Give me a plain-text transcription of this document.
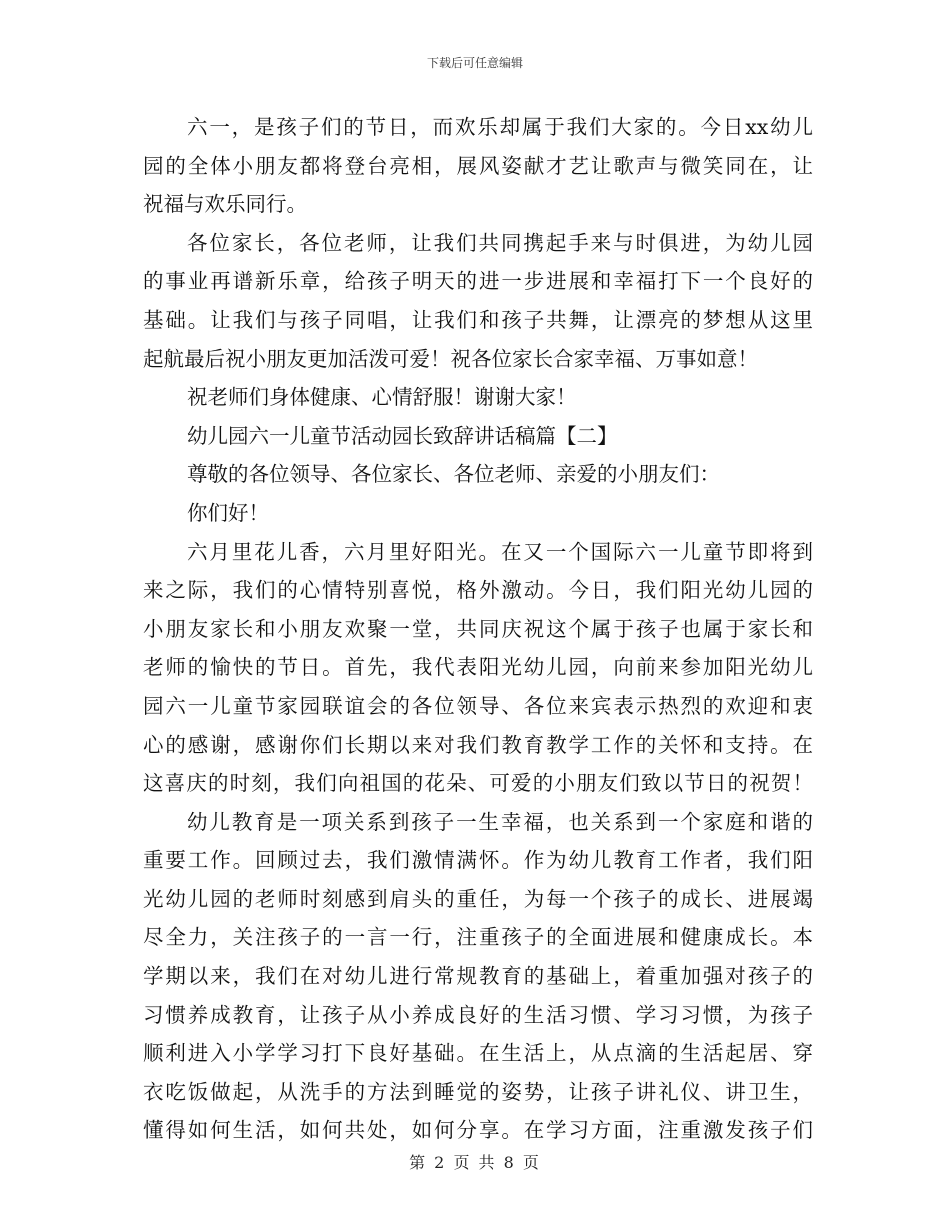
下载后可任意编辑
六一，是孩子们的节日，而欢乐却属于我们大家的。今日xx幼儿
园的全体小朋友都将登台亮相，展风姿献才艺让歌声与微笑同在，让
祝福与欢乐同行。
各位家长，各位老师，让我们共同携起手来与时俱进，为幼儿园
的事业再谱新乐章，给孩子明天的进一步进展和幸福打下一个良好的
基础。让我们与孩子同唱，让我们和孩子共舞，让漂亮的梦想从这里
起航最后祝小朋友更加活泼可爱！祝各位家长合家幸福、万事如意！
祝老师们身体健康、心情舒服！谢谢大家！
幼儿园六一儿童节活动园长致辞讲话稿篇【二】
尊敬的各位领导、各位家长、各位老师、亲爱的小朋友们：
你们好！
六月里花儿香，六月里好阳光。在又一个国际六一儿童节即将到
来之际，我们的心情特别喜悦，格外激动。今日，我们阳光幼儿园的
小朋友家长和小朋友欢聚一堂，共同庆祝这个属于孩子也属于家长和
老师的愉快的节日。首先，我代表阳光幼儿园，向前来参加阳光幼儿
园六一儿童节家园联谊会的各位领导、各位来宾表示热烈的欢迎和衷
心的感谢，感谢你们长期以来对我们教育教学工作的关怀和支持。在
这喜庆的时刻，我们向祖国的花朵、可爱的小朋友们致以节日的祝贺！
幼儿教育是一项关系到孩子一生幸福，也关系到一个家庭和谐的
重要工作。回顾过去，我们激情满怀。作为幼儿教育工作者，我们阳
光幼儿园的老师时刻感到肩头的重任，为每一个孩子的成长、进展竭
尽全力，关注孩子的一言一行，注重孩子的全面进展和健康成长。本
学期以来，我们在对幼儿进行常规教育的基础上，着重加强对孩子的
习惯养成教育，让孩子从小养成良好的生活习惯、学习习惯，为孩子
顺利进入小学学习打下良好基础。在生活上，从点滴的生活起居、穿
衣吃饭做起，从洗手的方法到睡觉的姿势，让孩子讲礼仪、讲卫生，
懂得如何生活，如何共处，如何分享。在学习方面，注重激发孩子们
第 2 页 共 8 页
